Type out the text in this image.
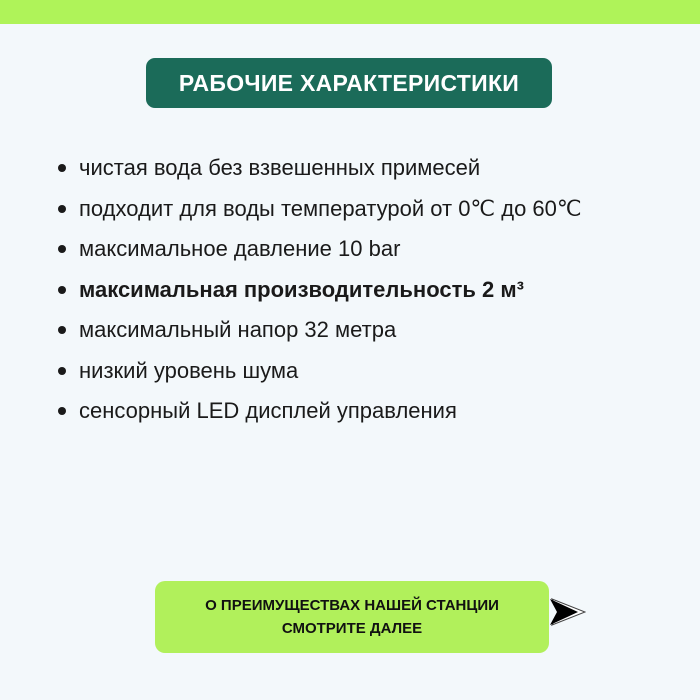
РАБОЧИЕ ХАРАКТЕРИСТИКИ
чистая вода без взвешенных примесей
подходит для воды температурой от 0℃ до 60℃
максимальное давление 10 bar
максимальная производительность 2 м³
максимальный напор 32 метра
низкий уровень шума
сенсорный LED дисплей управления
О ПРЕИМУЩЕСТВАХ НАШЕЙ СТАНЦИИ
СМОТРИТЕ ДАЛЕЕ
